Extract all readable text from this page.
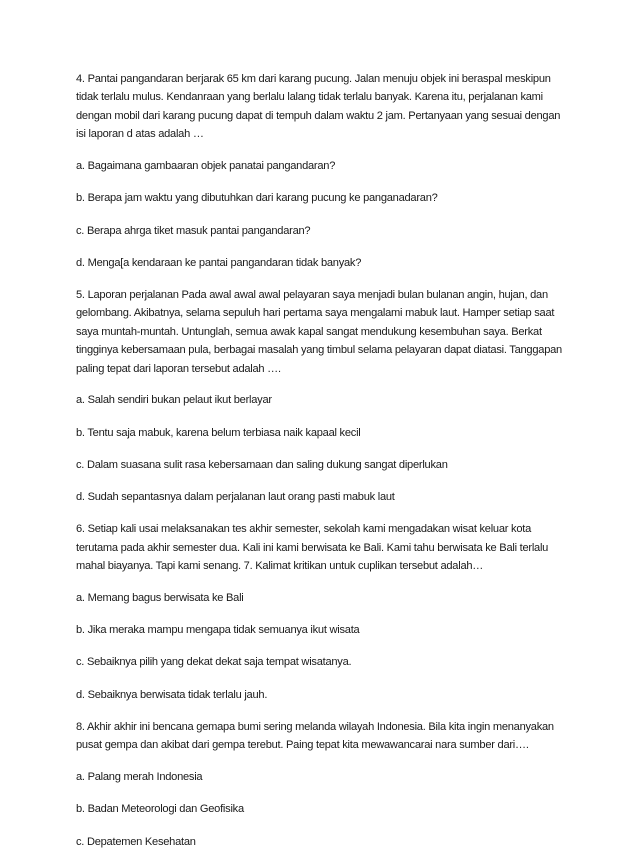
4. Pantai pangandaran berjarak 65 km dari karang pucung. Jalan menuju objek ini beraspal meskipun
tidak terlalu mulus. Kendanraan yang berlalu lalang tidak terlalu banyak. Karena itu, perjalanan kami
dengan mobil dari karang pucung dapat di tempuh dalam waktu 2 jam. Pertanyaan yang sesuai dengan
isi laporan d atas adalah …

a. Bagaimana gambaaran objek panatai pangandaran?

b. Berapa jam waktu yang dibutuhkan dari karang pucung ke panganadaran?

c. Berapa ahrga tiket masuk pantai pangandaran?

d. Menga[a kendaraan ke pantai pangandaran tidak banyak?

5. Laporan perjalanan Pada awal awal awal pelayaran saya menjadi bulan bulanan angin, hujan, dan
gelombang. Akibatnya, selama sepuluh hari pertama saya mengalami mabuk laut. Hamper setiap saat
saya muntah-muntah. Untunglah, semua awak kapal sangat mendukung kesembuhan saya. Berkat
tingginya kebersamaan pula, berbagai masalah yang timbul selama pelayaran dapat diatasi. Tanggapan
paling tepat dari laporan tersebut adalah ….

a. Salah sendiri bukan pelaut ikut berlayar

b. Tentu saja mabuk, karena belum terbiasa naik kapaal kecil

c. Dalam suasana sulit rasa kebersamaan dan saling dukung sangat diperlukan

d. Sudah sepantasnya dalam perjalanan laut orang pasti mabuk laut

6. Setiap kali usai melaksanakan tes akhir semester, sekolah kami mengadakan wisat keluar kota
terutama pada akhir semester dua. Kali ini kami berwisata ke Bali. Kami tahu berwisata ke Bali terlalu
mahal biayanya. Tapi kami senang. 7. Kalimat kritikan untuk cuplikan tersebut adalah…

a. Memang bagus berwisata ke Bali

b. Jika meraka mampu mengapa tidak semuanya ikut wisata

c. Sebaiknya pilih yang dekat dekat saja tempat wisatanya.

d. Sebaiknya berwisata tidak terlalu jauh.

8. Akhir akhir ini bencana gemapa bumi sering melanda wilayah Indonesia. Bila kita ingin menanyakan
pusat gempa dan akibat dari gempa terebut. Paing tepat kita mewawancarai nara sumber dari….

a. Palang merah Indonesia

b. Badan Meteorologi dan Geofisika

c. Depatemen Kesehatan
